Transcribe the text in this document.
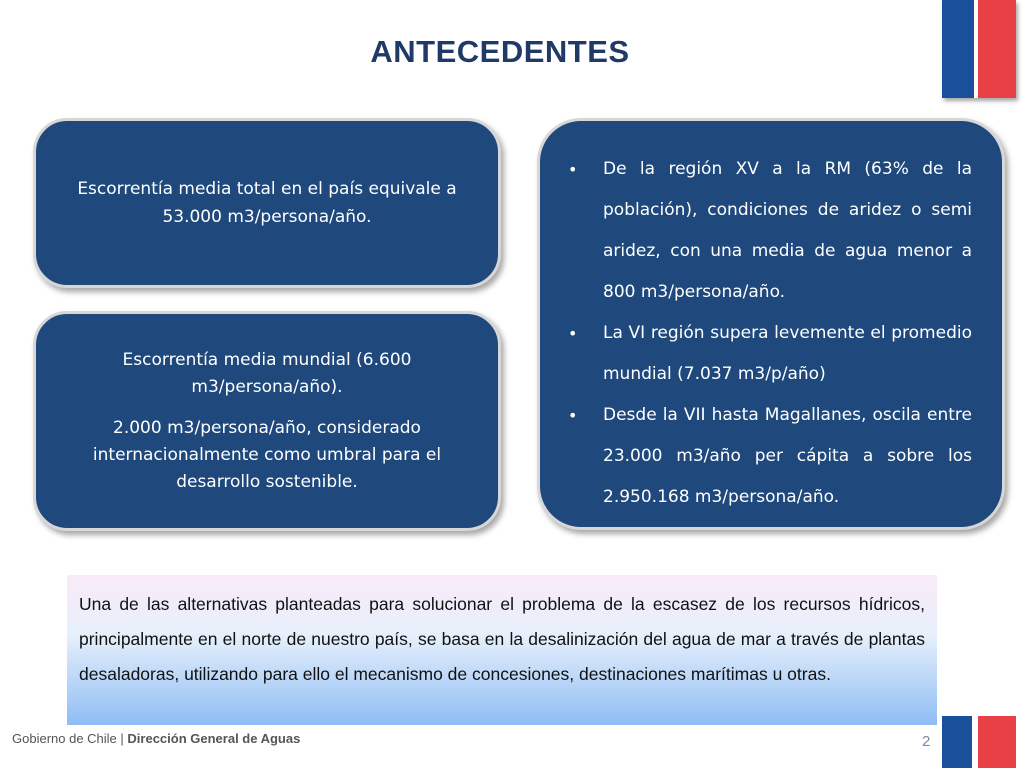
ANTECEDENTES
Escorrentía media total en el país equivale a 53.000 m3/persona/año.

Escorrentía media mundial (6.600 m3/persona/año).

2.000 m3/persona/año, considerado internacionalmente como umbral para el desarrollo sostenible.

• De la región XV a la RM (63% de la población), condiciones de aridez o semi aridez, con una media de agua menor a 800 m3/persona/año.
• La VI región supera levemente el promedio mundial (7.037 m3/p/año)
• Desde la VII hasta Magallanes, oscila entre 23.000 m3/año per cápita a sobre los 2.950.168 m3/persona/año.
Una de las alternativas planteadas para solucionar el problema de la escasez de los recursos hídricos, principalmente en el norte de nuestro país, se basa en la desalinización del agua de mar a través de plantas desaladoras, utilizando para ello el mecanismo de concesiones, destinaciones marítimas u otras.
Gobierno de Chile | Dirección General de Aguas	2
